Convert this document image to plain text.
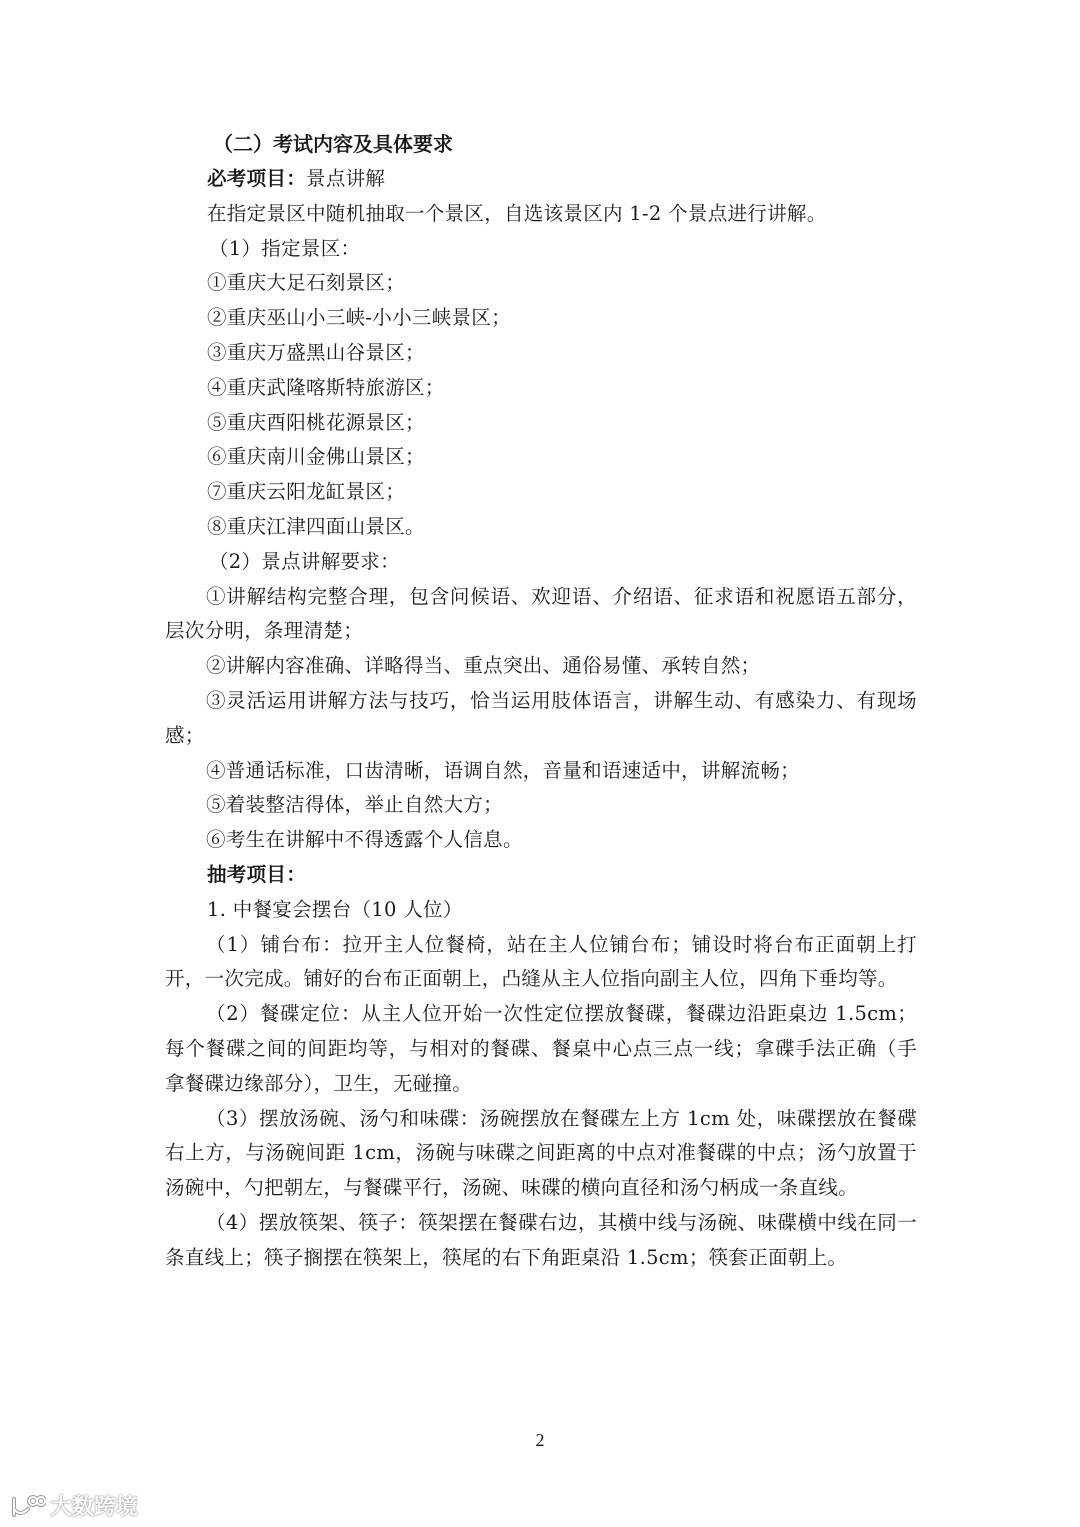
（二）考试内容及具体要求
必考项目：景点讲解
在指定景区中随机抽取一个景区，自选该景区内 1-2 个景点进行讲解。
（1）指定景区：
①重庆大足石刻景区；
②重庆巫山小三峡-小小三峡景区；
③重庆万盛黑山谷景区；
④重庆武隆喀斯特旅游区；
⑤重庆酉阳桃花源景区；
⑥重庆南川金佛山景区；
⑦重庆云阳龙缸景区；
⑧重庆江津四面山景区。
（2）景点讲解要求：
①讲解结构完整合理，包含问候语、欢迎语、介绍语、征求语和祝愿语五部分，层次分明，条理清楚；
②讲解内容准确、详略得当、重点突出、通俗易懂、承转自然；
③灵活运用讲解方法与技巧，恰当运用肢体语言，讲解生动、有感染力、有现场感；
④普通话标准，口齿清晰，语调自然，音量和语速适中，讲解流畅；
⑤着装整洁得体，举止自然大方；
⑥考生在讲解中不得透露个人信息。
抽考项目：
1. 中餐宴会摆台（10 人位）
（1）铺台布：拉开主人位餐椅，站在主人位铺台布；铺设时将台布正面朝上打开，一次完成。铺好的台布正面朝上，凸缝从主人位指向副主人位，四角下垂均等。
（2）餐碟定位：从主人位开始一次性定位摆放餐碟，餐碟边沿距桌边 1.5cm；每个餐碟之间的间距均等，与相对的餐碟、餐桌中心点三点一线；拿碟手法正确（手拿餐碟边缘部分），卫生，无碰撞。
（3）摆放汤碗、汤勺和味碟：汤碗摆放在餐碟左上方 1cm 处，味碟摆放在餐碟右上方，与汤碗间距 1cm，汤碗与味碟之间距离的中点对准餐碟的中点；汤勺放置于汤碗中，勺把朝左，与餐碟平行，汤碗、味碟的横向直径和汤勺柄成一条直线。
（4）摆放筷架、筷子：筷架摆在餐碟右边，其横中线与汤碗、味碟横中线在同一条直线上；筷子搁摆在筷架上，筷尾的右下角距桌沿 1.5cm；筷套正面朝上。
2
大数跨境
